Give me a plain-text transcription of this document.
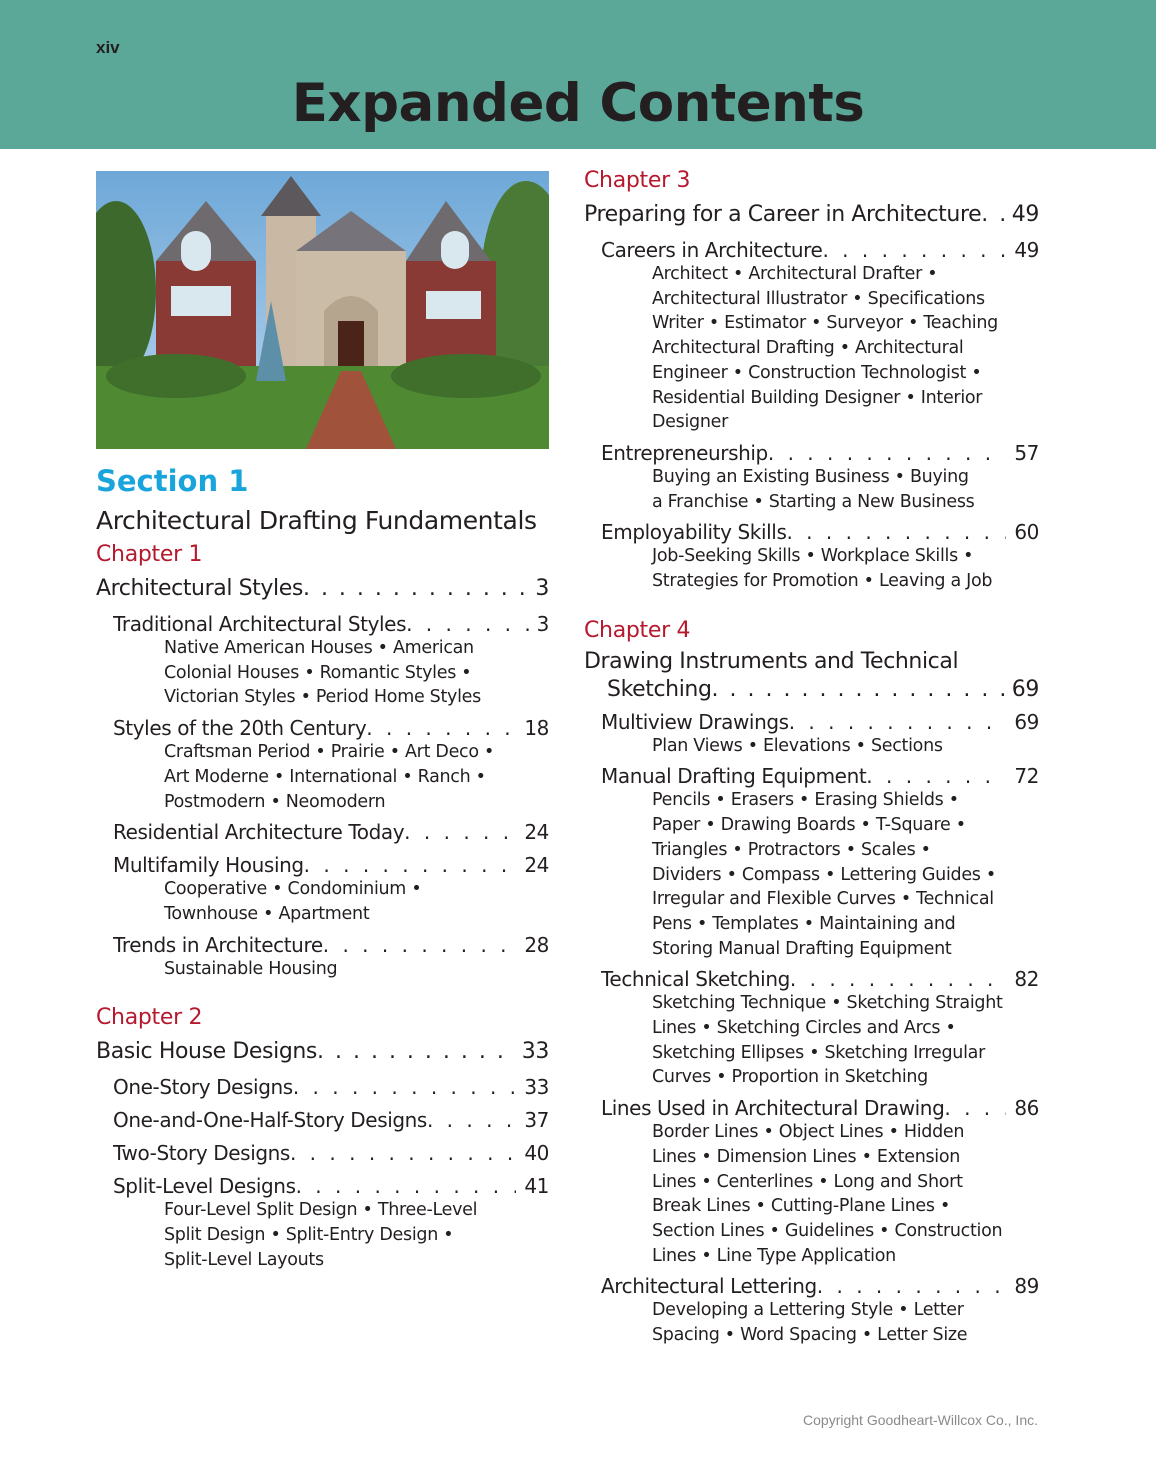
xiv
Expanded Contents
Section 1
Architectural Drafting Fundamentals
Chapter 1
Architectural Styles . . .	3
Traditional Architectural Styles . . .	3
Native American Houses • American
Colonial Houses • Romantic Styles •
Victorian Styles • Period Home Styles
Styles of the 20th Century . . .	18
Craftsman Period • Prairie • Art Deco •
Art Moderne • International • Ranch •
Postmodern • Neomodern
Residential Architecture Today . . .	24
Multifamily Housing . . .	24
Cooperative • Condominium •
Townhouse • Apartment
Trends in Architecture . . .	28
Sustainable Housing
Chapter 2
Basic House Designs . . .	33
One-Story Designs . . .	33
One-and-One-Half-Story Designs . . .	37
Two-Story Designs . . .	40
Split-Level Designs . . .	41
Four-Level Split Design • Three-Level
Split Design • Split-Entry Design •
Split-Level Layouts
Chapter 3
Preparing for a Career in Architecture . . . 49
Careers in Architecture . . .	49
Architect • Architectural Drafter •
Architectural Illustrator • Specifications
Writer • Estimator • Surveyor • Teaching
Architectural Drafting • Architectural
Engineer • Construction Technologist •
Residential Building Designer • Interior
Designer
Entrepreneurship . . .	57
Buying an Existing Business • Buying
a Franchise • Starting a New Business
Employability Skills . . .	60
Job-Seeking Skills • Workplace Skills •
Strategies for Promotion • Leaving a Job
Chapter 4
Drawing Instruments and Technical
Sketching . . .	69
Multiview Drawings . . .	69
Plan Views • Elevations • Sections
Manual Drafting Equipment . . .	72
Pencils • Erasers • Erasing Shields •
Paper • Drawing Boards • T-Square •
Triangles • Protractors • Scales •
Dividers • Compass • Lettering Guides •
Irregular and Flexible Curves • Technical
Pens • Templates • Maintaining and
Storing Manual Drafting Equipment
Technical Sketching . . .	82
Sketching Technique • Sketching Straight
Lines • Sketching Circles and Arcs •
Sketching Ellipses • Sketching Irregular
Curves • Proportion in Sketching
Lines Used in Architectural Drawing . . .	86
Border Lines • Object Lines • Hidden
Lines • Dimension Lines • Extension
Lines • Centerlines • Long and Short
Break Lines • Cutting-Plane Lines •
Section Lines • Guidelines • Construction
Lines • Line Type Application
Architectural Lettering . . .	89
Developing a Lettering Style • Letter
Spacing • Word Spacing • Letter Size
Copyright Goodheart-Willcox Co., Inc.
